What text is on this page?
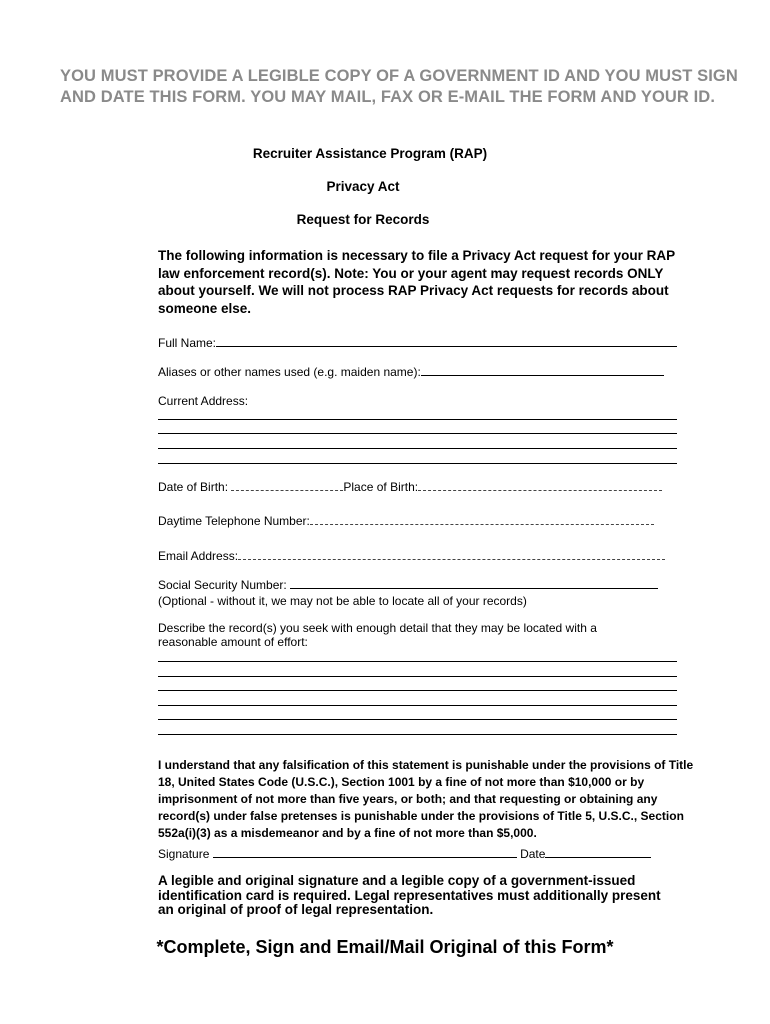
YOU MUST PROVIDE A LEGIBLE COPY OF A GOVERNMENT ID AND YOU MUST SIGN AND DATE THIS FORM. YOU MAY MAIL, FAX OR E-MAIL THE FORM AND YOUR ID.
Recruiter Assistance Program (RAP)
Privacy Act
Request for Records
The following information is necessary to file a Privacy Act request for your RAP law enforcement record(s). Note: You or your agent may request records ONLY about yourself. We will not process RAP Privacy Act requests for records about someone else.
Full Name:
Aliases or other names used (e.g. maiden name):
Current Address:
Date of Birth:	Place of Birth:
Daytime Telephone Number:
Email Address:
Social Security Number:
(Optional - without it, we may not be able to locate all of your records)
Describe the record(s) you seek with enough detail that they may be located with a reasonable amount of effort:
I understand that any falsification of this statement is punishable under the provisions of Title 18, United States Code (U.S.C.), Section 1001 by a fine of not more than $10,000 or by imprisonment of not more than five years, or both; and that requesting or obtaining any record(s) under false pretenses is punishable under the provisions of Title 5, U.S.C., Section 552a(i)(3) as a misdemeanor and by a fine of not more than $5,000.
Signature	Date
A legible and original signature and a legible copy of a government-issued identification card is required. Legal representatives must additionally present an original of proof of legal representation.
*Complete, Sign and Email/Mail Original of this Form*
